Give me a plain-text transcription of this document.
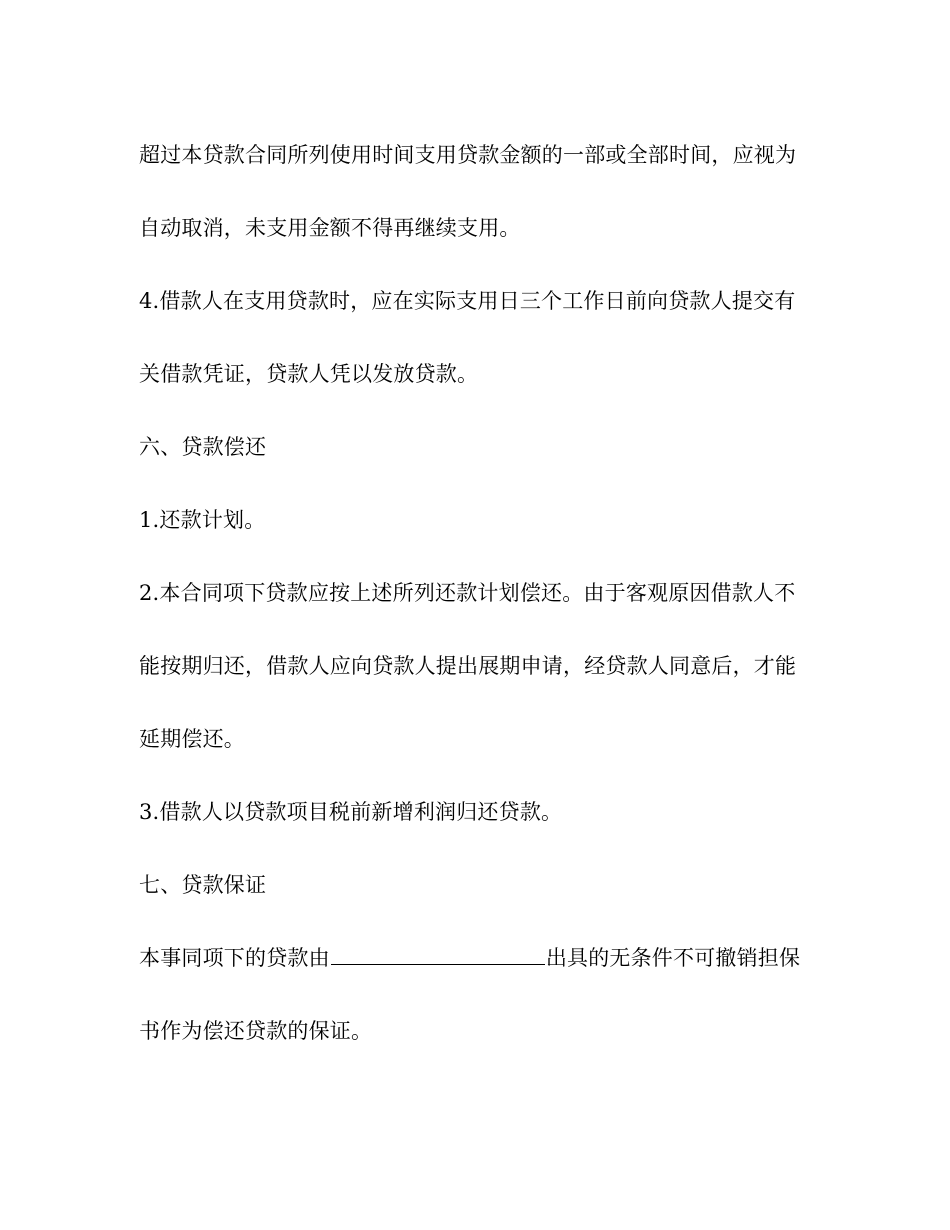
超过本贷款合同所列使用时间支用贷款金额的一部或全部时间，应视为
自动取消，未支用金额不得再继续支用。
4.借款人在支用贷款时，应在实际支用日三个工作日前向贷款人提交有
关借款凭证，贷款人凭以发放贷款。
六、贷款偿还
1.还款计划。
2.本合同项下贷款应按上述所列还款计划偿还。由于客观原因借款人不
能按期归还，借款人应向贷款人提出展期申请，经贷款人同意后，才能
延期偿还。
3.借款人以贷款项目税前新增利润归还贷款。
七、贷款保证
本事同项下的贷款由	出具的无条件不可撤销担保
书作为偿还贷款的保证。
